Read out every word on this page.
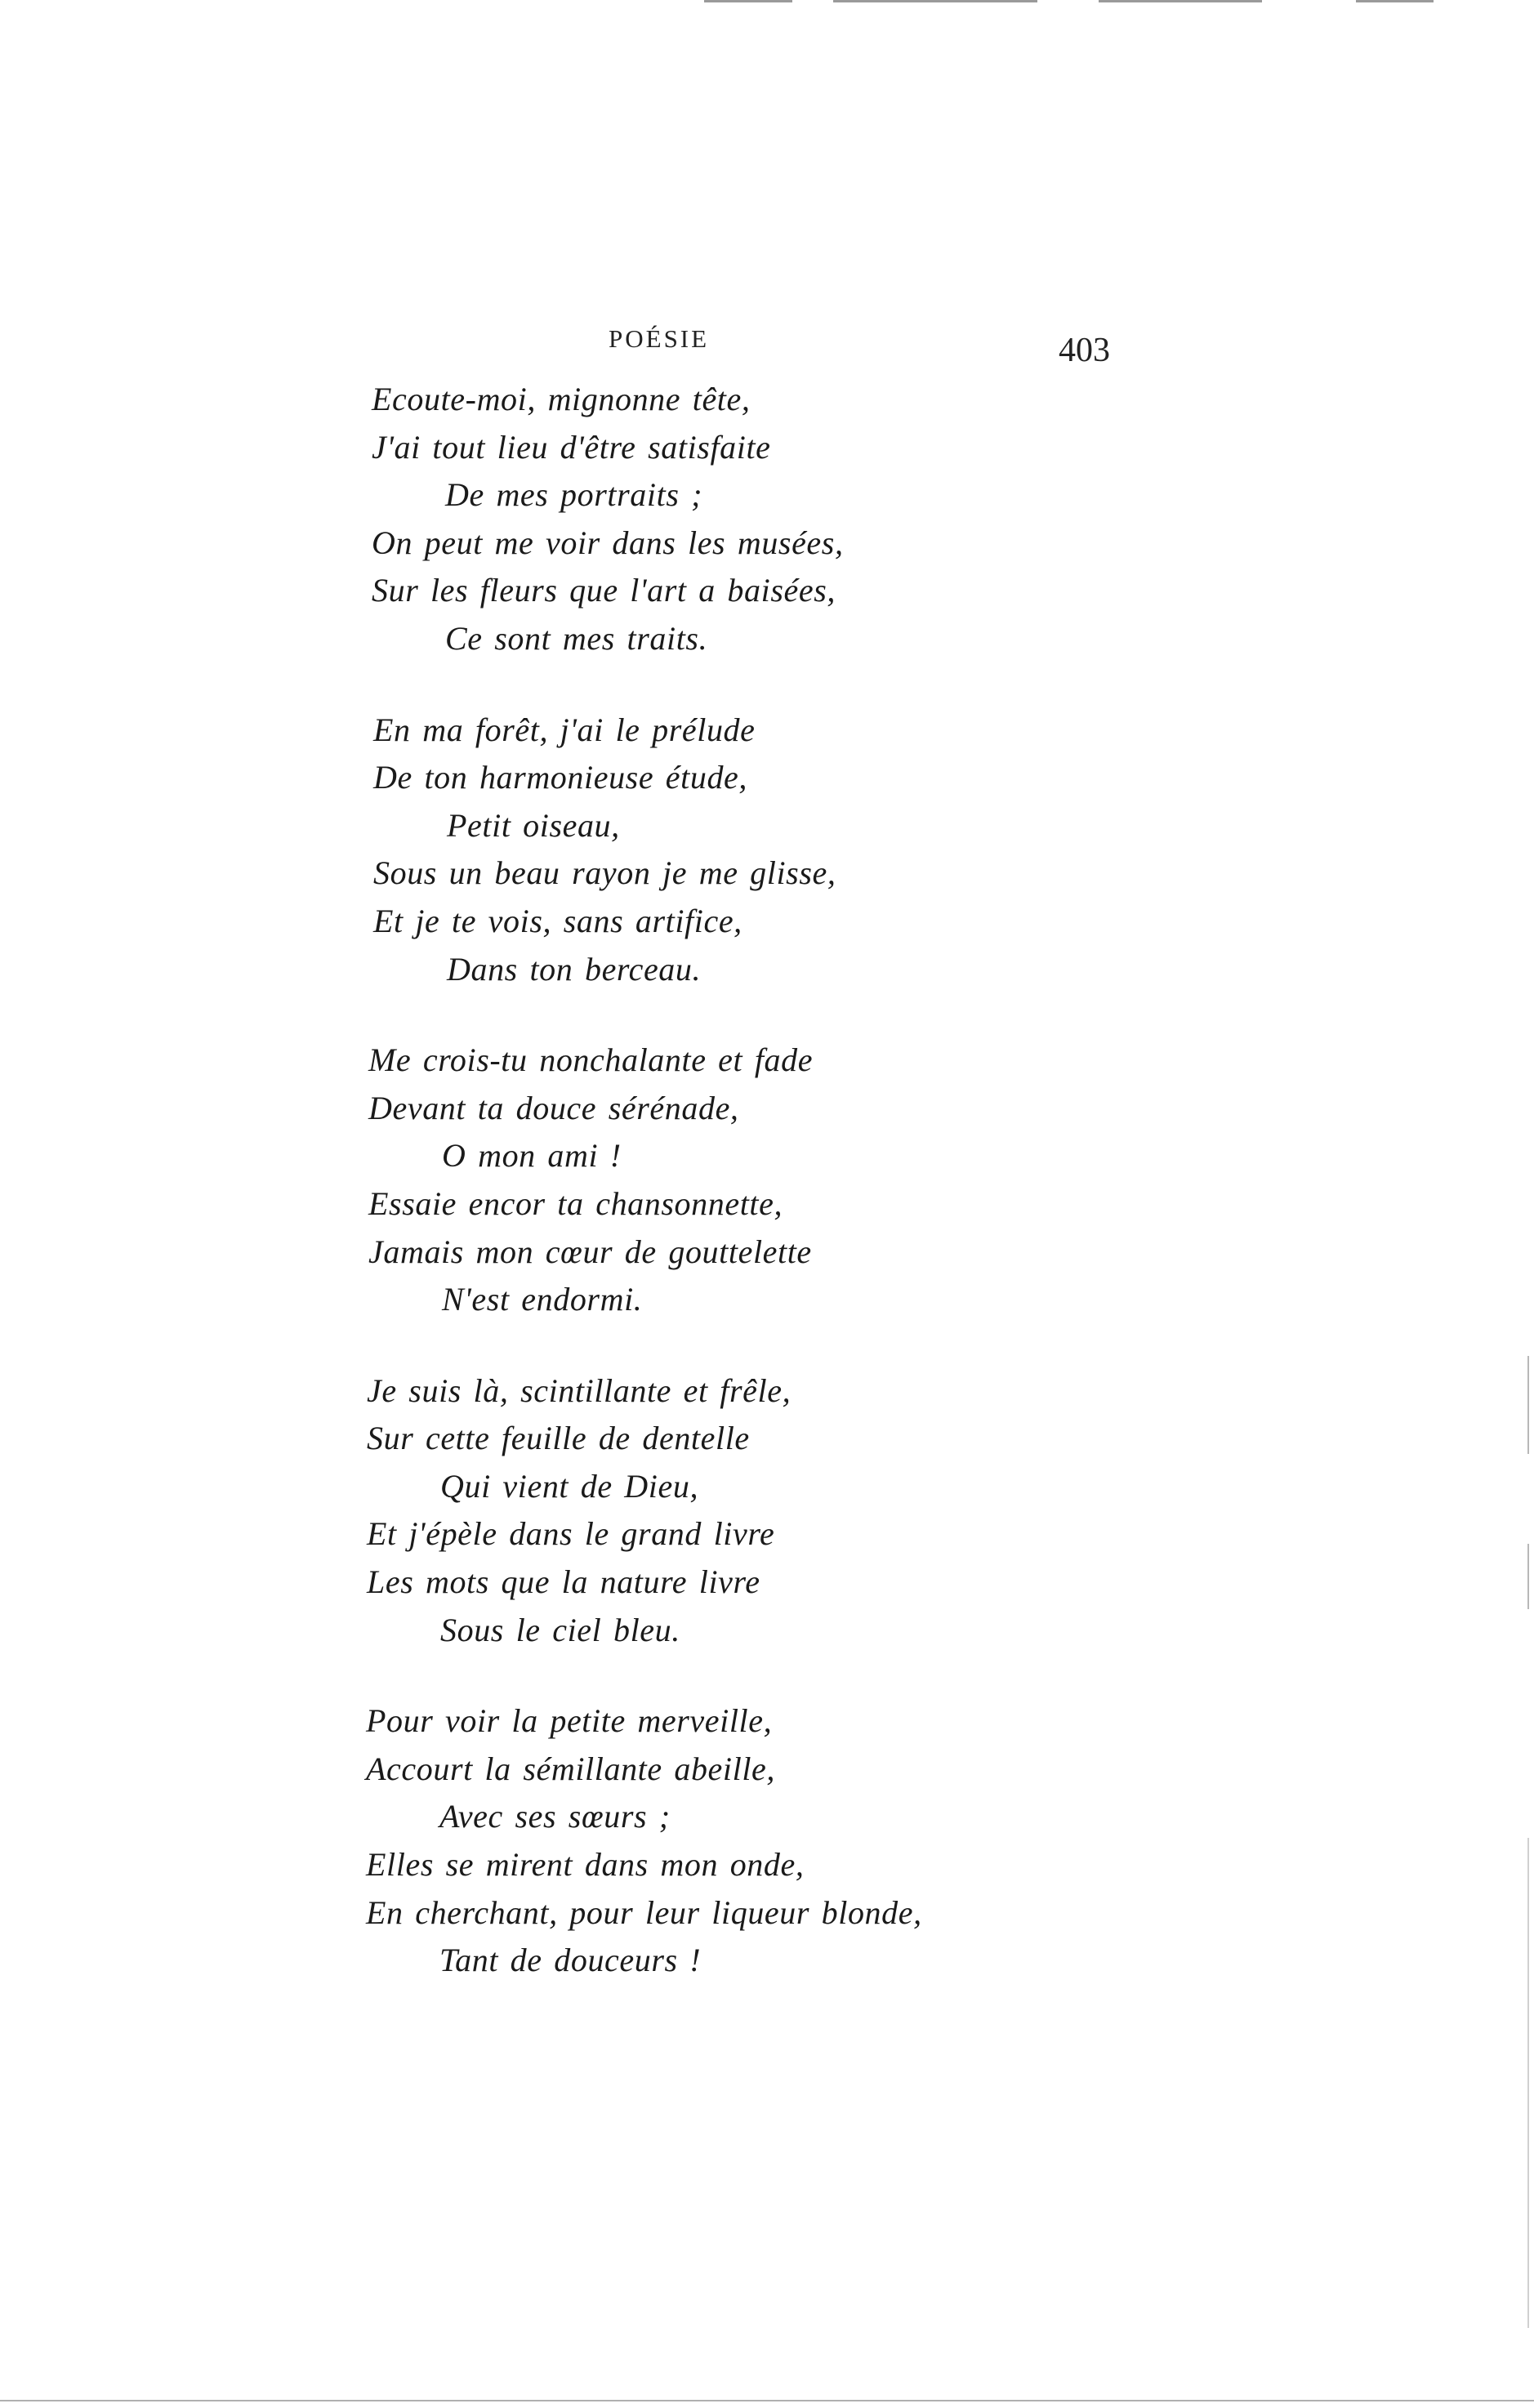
POÉSIE	403
Ecoute-moi, mignonne tête,
J'ai tout lieu d'être satisfaite
De mes portraits ;
On peut me voir dans les musées,
Sur les fleurs que l'art a baisées,
Ce sont mes traits.
En ma forêt, j'ai le prélude
De ton harmonieuse étude,
Petit oiseau,
Sous un beau rayon je me glisse,
Et je te vois, sans artifice,
Dans ton berceau.
Me crois-tu nonchalante et fade
Devant ta douce sérénade,
O mon ami !
Essaie encor ta chansonnette,
Jamais mon cœur de gouttelette
N'est endormi.
Je suis là, scintillante et frêle,
Sur cette feuille de dentelle
Qui vient de Dieu,
Et j'épèle dans le grand livre
Les mots que la nature livre
Sous le ciel bleu.
Pour voir la petite merveille,
Accourt la sémillante abeille,
Avec ses sœurs ;
Elles se mirent dans mon onde,
En cherchant, pour leur liqueur blonde,
Tant de douceurs !
